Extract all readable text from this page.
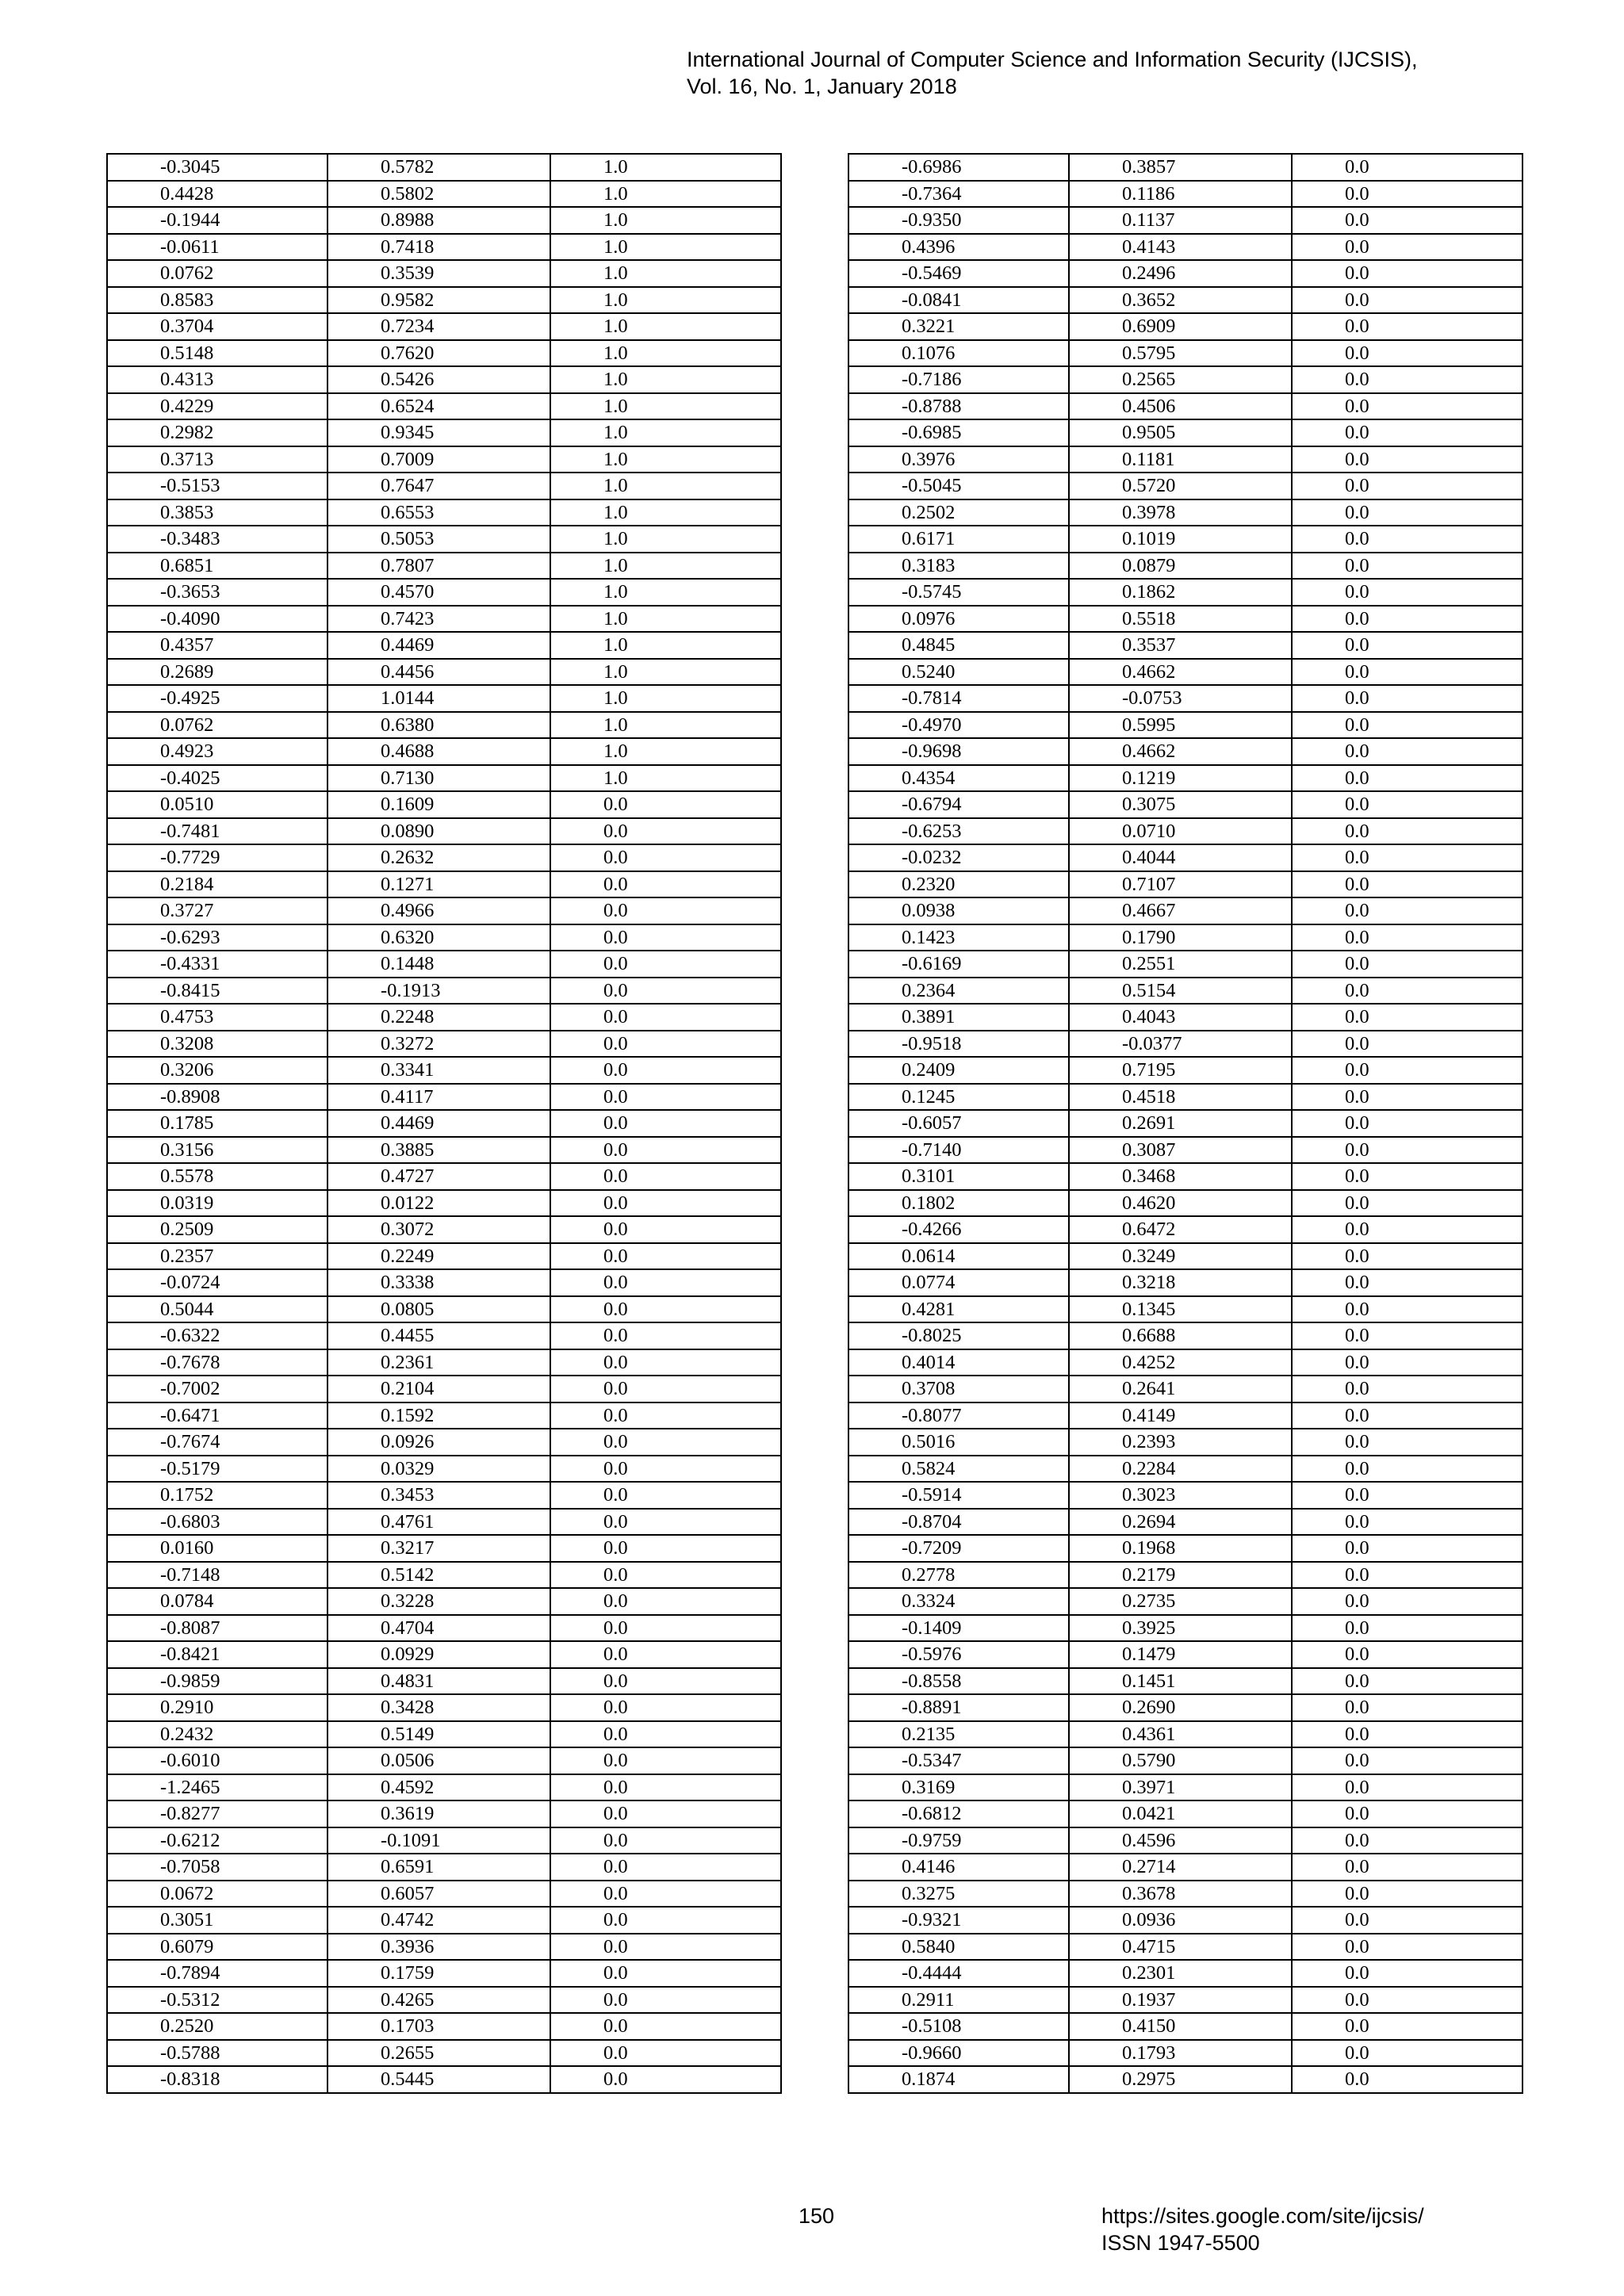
International Journal of Computer Science and Information Security (IJCSIS),
Vol. 16, No. 1, January 2018
-0.3045	0.5782	1.0
0.4428	0.5802	1.0
-0.1944	0.8988	1.0
-0.0611	0.7418	1.0
0.0762	0.3539	1.0
0.8583	0.9582	1.0
0.3704	0.7234	1.0
0.5148	0.7620	1.0
0.4313	0.5426	1.0
0.4229	0.6524	1.0
0.2982	0.9345	1.0
0.3713	0.7009	1.0
-0.5153	0.7647	1.0
0.3853	0.6553	1.0
-0.3483	0.5053	1.0
0.6851	0.7807	1.0
-0.3653	0.4570	1.0
-0.4090	0.7423	1.0
0.4357	0.4469	1.0
0.2689	0.4456	1.0
-0.4925	1.0144	1.0
0.0762	0.6380	1.0
0.4923	0.4688	1.0
-0.4025	0.7130	1.0
0.0510	0.1609	0.0
-0.7481	0.0890	0.0
-0.7729	0.2632	0.0
0.2184	0.1271	0.0
0.3727	0.4966	0.0
-0.6293	0.6320	0.0
-0.4331	0.1448	0.0
-0.8415	-0.1913	0.0
0.4753	0.2248	0.0
0.3208	0.3272	0.0
0.3206	0.3341	0.0
-0.8908	0.4117	0.0
0.1785	0.4469	0.0
0.3156	0.3885	0.0
0.5578	0.4727	0.0
0.0319	0.0122	0.0
0.2509	0.3072	0.0
0.2357	0.2249	0.0
-0.0724	0.3338	0.0
0.5044	0.0805	0.0
-0.6322	0.4455	0.0
-0.7678	0.2361	0.0
-0.7002	0.2104	0.0
-0.6471	0.1592	0.0
-0.7674	0.0926	0.0
-0.5179	0.0329	0.0
0.1752	0.3453	0.0
-0.6803	0.4761	0.0
0.0160	0.3217	0.0
-0.7148	0.5142	0.0
0.0784	0.3228	0.0
-0.8087	0.4704	0.0
-0.8421	0.0929	0.0
-0.9859	0.4831	0.0
0.2910	0.3428	0.0
0.2432	0.5149	0.0
-0.6010	0.0506	0.0
-1.2465	0.4592	0.0
-0.8277	0.3619	0.0
-0.6212	-0.1091	0.0
-0.7058	0.6591	0.0
0.0672	0.6057	0.0
0.3051	0.4742	0.0
0.6079	0.3936	0.0
-0.7894	0.1759	0.0
-0.5312	0.4265	0.0
0.2520	0.1703	0.0
-0.5788	0.2655	0.0
-0.8318	0.5445	0.0
-0.6986	0.3857	0.0
-0.7364	0.1186	0.0
-0.9350	0.1137	0.0
0.4396	0.4143	0.0
-0.5469	0.2496	0.0
-0.0841	0.3652	0.0
0.3221	0.6909	0.0
0.1076	0.5795	0.0
-0.7186	0.2565	0.0
-0.8788	0.4506	0.0
-0.6985	0.9505	0.0
0.3976	0.1181	0.0
-0.5045	0.5720	0.0
0.2502	0.3978	0.0
0.6171	0.1019	0.0
0.3183	0.0879	0.0
-0.5745	0.1862	0.0
0.0976	0.5518	0.0
0.4845	0.3537	0.0
0.5240	0.4662	0.0
-0.7814	-0.0753	0.0
-0.4970	0.5995	0.0
-0.9698	0.4662	0.0
0.4354	0.1219	0.0
-0.6794	0.3075	0.0
-0.6253	0.0710	0.0
-0.0232	0.4044	0.0
0.2320	0.7107	0.0
0.0938	0.4667	0.0
0.1423	0.1790	0.0
-0.6169	0.2551	0.0
0.2364	0.5154	0.0
0.3891	0.4043	0.0
-0.9518	-0.0377	0.0
0.2409	0.7195	0.0
0.1245	0.4518	0.0
-0.6057	0.2691	0.0
-0.7140	0.3087	0.0
0.3101	0.3468	0.0
0.1802	0.4620	0.0
-0.4266	0.6472	0.0
0.0614	0.3249	0.0
0.0774	0.3218	0.0
0.4281	0.1345	0.0
-0.8025	0.6688	0.0
0.4014	0.4252	0.0
0.3708	0.2641	0.0
-0.8077	0.4149	0.0
0.5016	0.2393	0.0
0.5824	0.2284	0.0
-0.5914	0.3023	0.0
-0.8704	0.2694	0.0
-0.7209	0.1968	0.0
0.2778	0.2179	0.0
0.3324	0.2735	0.0
-0.1409	0.3925	0.0
-0.5976	0.1479	0.0
-0.8558	0.1451	0.0
-0.8891	0.2690	0.0
0.2135	0.4361	0.0
-0.5347	0.5790	0.0
0.3169	0.3971	0.0
-0.6812	0.0421	0.0
-0.9759	0.4596	0.0
0.4146	0.2714	0.0
0.3275	0.3678	0.0
-0.9321	0.0936	0.0
0.5840	0.4715	0.0
-0.4444	0.2301	0.0
0.2911	0.1937	0.0
-0.5108	0.4150	0.0
-0.9660	0.1793	0.0
0.1874	0.2975	0.0
150	https://sites.google.com/site/ijcsis/
ISSN 1947-5500
